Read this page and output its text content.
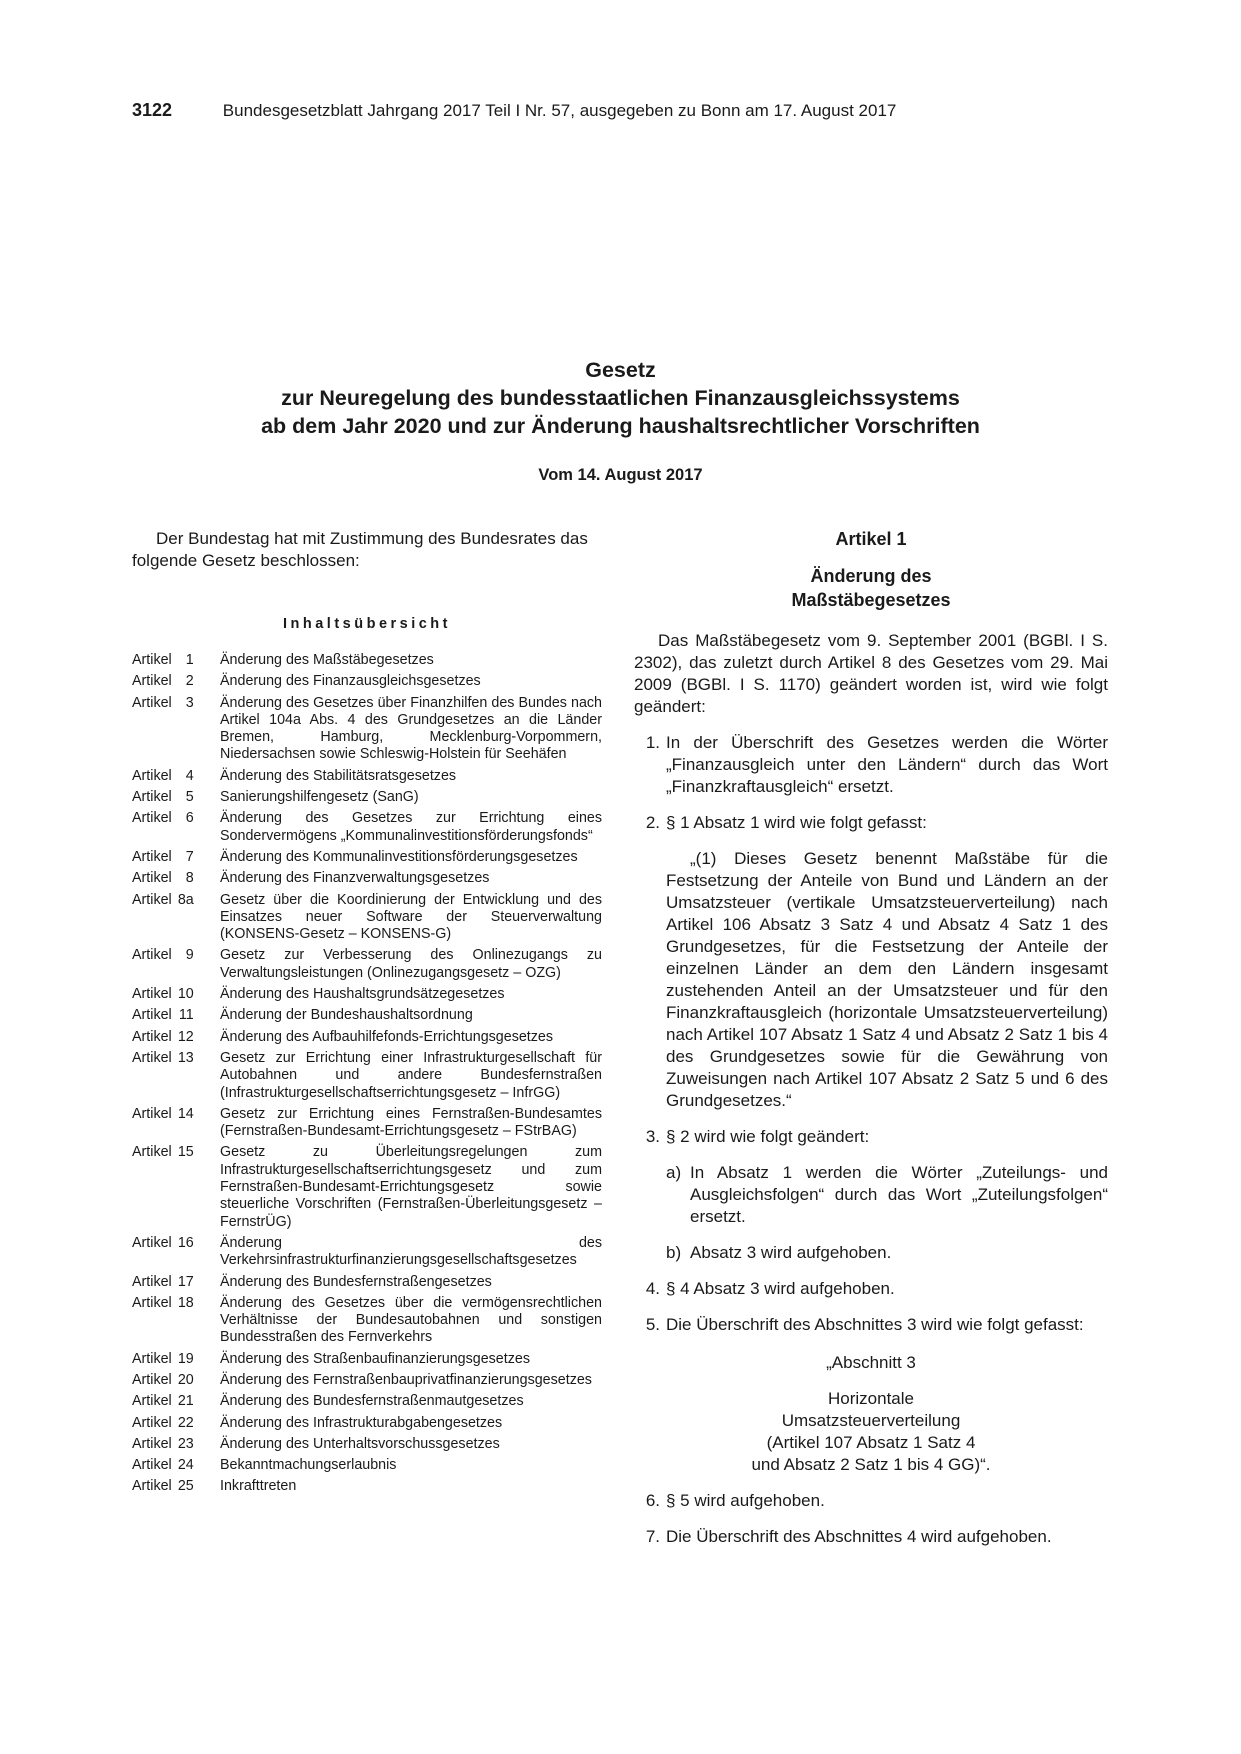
3122	Bundesgesetzblatt Jahrgang 2017 Teil I Nr. 57, ausgegeben zu Bonn am 17. August 2017

Gesetz

zur Neuregelung des bundesstaatlichen Finanzausgleichssystems

ab dem Jahr 2020 und zur Änderung haushaltsrechtlicher Vorschriften

Vom 14. August 2017

Der Bundestag hat mit Zustimmung des Bundesrates das folgende Gesetz beschlossen:

Inhaltsübersicht
Artikel 1	Änderung des Maßstäbegesetzes
Artikel 2	Änderung des Finanzausgleichsgesetzes
Artikel 3	Änderung des Gesetzes über Finanzhilfen des Bundes nach Artikel 104a Abs. 4 des Grundgesetzes an die Länder Bremen, Hamburg, Mecklenburg-Vorpommern, Niedersachsen sowie Schleswig-Holstein für Seehäfen
Artikel 4	Änderung des Stabilitätsratsgesetzes
Artikel 5	Sanierungshilfengesetz (SanG)
Artikel 6	Änderung des Gesetzes zur Errichtung eines Sondervermögens „Kommunalinvestitionsförderungsfonds“
Artikel 7	Änderung des Kommunalinvestitionsförderungsgesetzes
Artikel 8	Änderung des Finanzverwaltungsgesetzes
Artikel 8a	Gesetz über die Koordinierung der Entwicklung und des Einsatzes neuer Software der Steuerverwaltung (KONSENS-Gesetz – KONSENS-G)
Artikel 9	Gesetz zur Verbesserung des Onlinezugangs zu Verwaltungsleistungen (Onlinezugangsgesetz – OZG)
Artikel 10	Änderung des Haushaltsgrundsätzegesetzes
Artikel 11	Änderung der Bundeshaushaltsordnung
Artikel 12	Änderung des Aufbauhilfefonds-Errichtungsgesetzes
Artikel 13	Gesetz zur Errichtung einer Infrastrukturgesellschaft für Autobahnen und andere Bundesfernstraßen (Infrastrukturgesellschaftserrichtungsgesetz – InfrGG)
Artikel 14	Gesetz zur Errichtung eines Fernstraßen-Bundesamtes (Fernstraßen-Bundesamt-Errichtungsgesetz – FStrBAG)
Artikel 15	Gesetz zu Überleitungsregelungen zum Infrastrukturgesellschaftserrichtungsgesetz und zum Fernstraßen-Bundesamt-Errichtungsgesetz sowie steuerliche Vorschriften (Fernstraßen-Überleitungsgesetz – FernstrÜG)
Artikel 16	Änderung des Verkehrsinfrastrukturfinanzierungsgesellschaftsgesetzes
Artikel 17	Änderung des Bundesfernstraßengesetzes
Artikel 18	Änderung des Gesetzes über die vermögensrechtlichen Verhältnisse der Bundesautobahnen und sonstigen Bundesstraßen des Fernverkehrs
Artikel 19	Änderung des Straßenbaufinanzierungsgesetzes
Artikel 20	Änderung des Fernstraßenbauprivatfinanzierungsgesetzes
Artikel 21	Änderung des Bundesfernstraßenmautgesetzes
Artikel 22	Änderung des Infrastrukturabgabengesetzes
Artikel 23	Änderung des Unterhaltsvorschussgesetzes
Artikel 24	Bekanntmachungserlaubnis
Artikel 25	Inkrafttreten

Artikel 1

Änderung des
Maßstäbegesetzes

Das Maßstäbegesetz vom 9. September 2001 (BGBl. I S. 2302), das zuletzt durch Artikel 8 des Gesetzes vom 29. Mai 2009 (BGBl. I S. 1170) geändert worden ist, wird wie folgt geändert:

1. In der Überschrift des Gesetzes werden die Wörter „Finanzausgleich unter den Ländern“ durch das Wort „Finanzkraftausgleich“ ersetzt.
2. § 1 Absatz 1 wird wie folgt gefasst:

„(1) Dieses Gesetz benennt Maßstäbe für die Festsetzung der Anteile von Bund und Ländern an der Umsatzsteuer (vertikale Umsatzsteuerverteilung) nach Artikel 106 Absatz 3 Satz 4 und Absatz 4 Satz 1 des Grundgesetzes, für die Festsetzung der Anteile der einzelnen Länder an dem den Ländern insgesamt zustehenden Anteil an der Umsatzsteuer und für den Finanzkraftausgleich (horizontale Umsatzsteuerverteilung) nach Artikel 107 Absatz 1 Satz 4 und Absatz 2 Satz 1 bis 4 des Grundgesetzes sowie für die Gewährung von Zuweisungen nach Artikel 107 Absatz 2 Satz 5 und 6 des Grundgesetzes.“

3. § 2 wird wie folgt geändert:
a) In Absatz 1 werden die Wörter „Zuteilungs- und Ausgleichsfolgen“ durch das Wort „Zuteilungsfolgen“ ersetzt.
b) Absatz 3 wird aufgehoben.
4. § 4 Absatz 3 wird aufgehoben.
5. Die Überschrift des Abschnittes 3 wird wie folgt gefasst:

„Abschnitt 3

Horizontale
Umsatzsteuerverteilung
(Artikel 107 Absatz 1 Satz 4
und Absatz 2 Satz 1 bis 4 GG)“.

6. § 5 wird aufgehoben.
7. Die Überschrift des Abschnittes 4 wird aufgehoben.
